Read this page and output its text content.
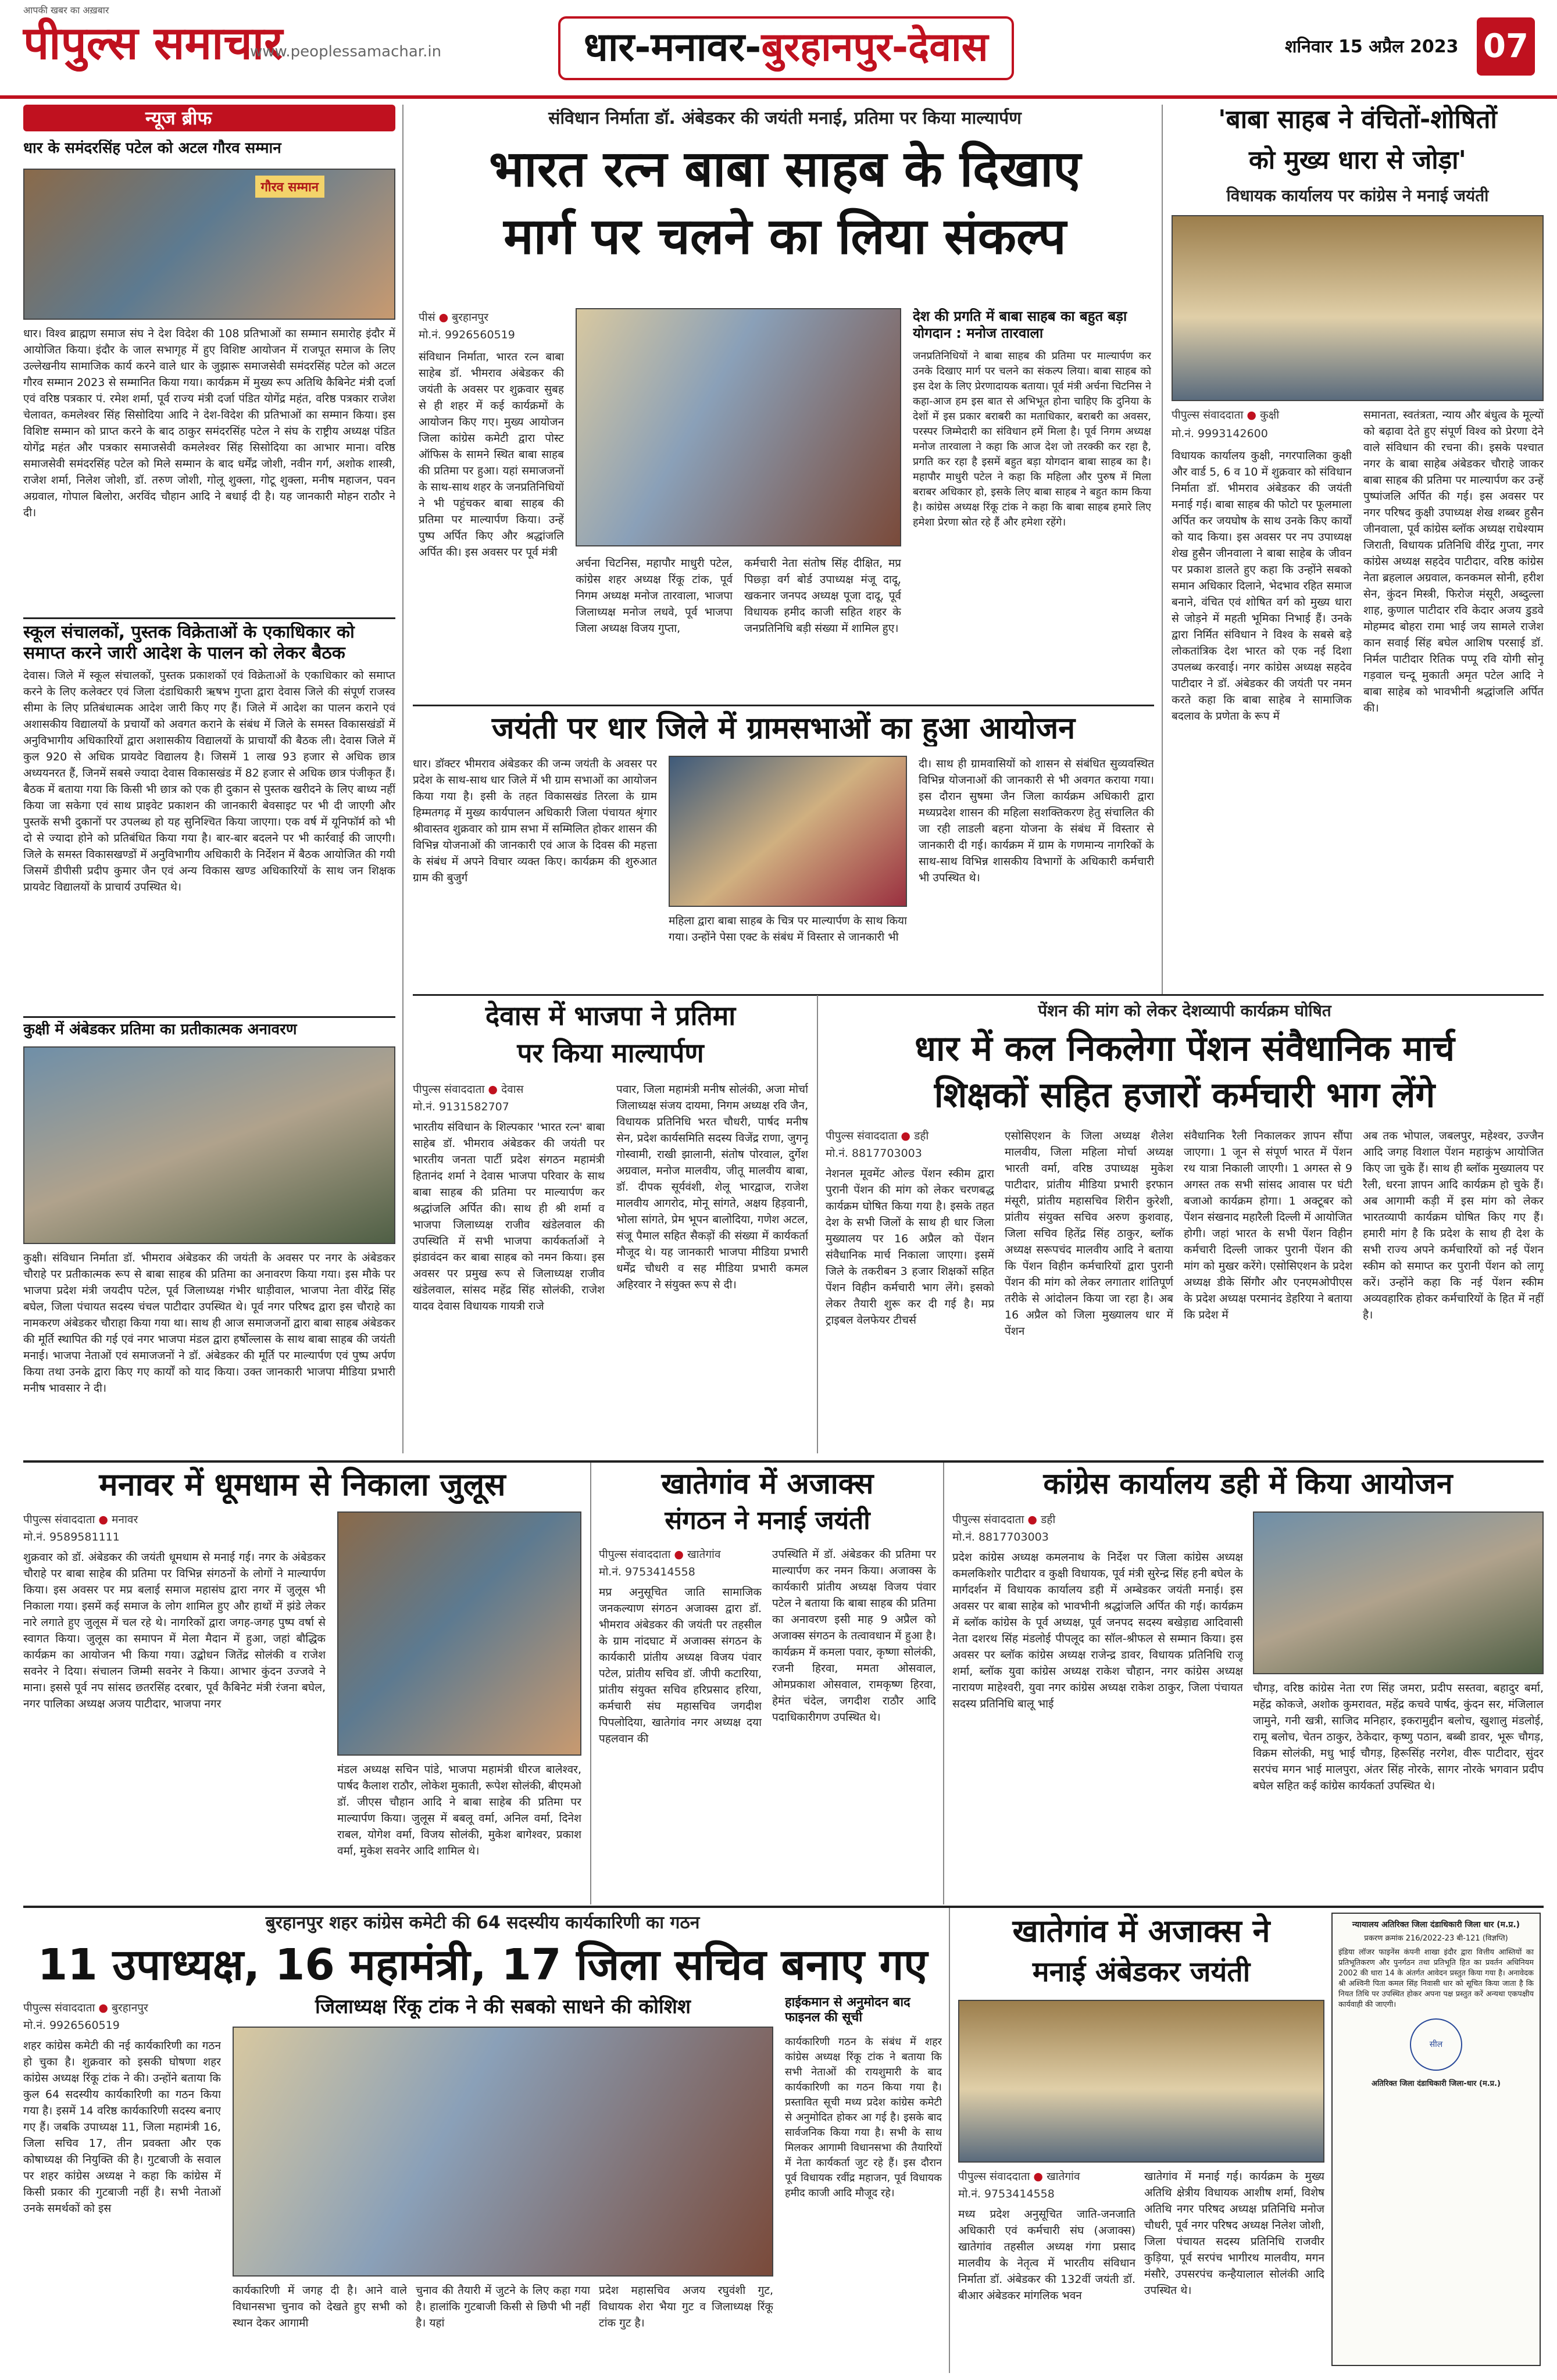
आपकी खबर का अख़बार
पीपुल्स समाचार
www.peoplessamachar.in	धार-मनावर-बुरहानपुर-देवास	शनिवार 15 अप्रैल 2023 07
न्यूज ब्रीफ
धार के समंदरसिंह पटेल को अटल गौरव सम्मान
गौरव सम्मान
धार। विश्व ब्राह्मण समाज संघ ने देश विदेश की 108 प्रतिभाओं का सम्मान समारोह इंदौर में आयोजित किया। इंदौर के जाल सभागृह में हुए विशिष्ट आयोजन में राजपूत समाज के लिए उल्लेखनीय सामाजिक कार्य करने वाले धार के जुझारू समाजसेवी समंदरसिंह पटेल को अटल गौरव सम्मान 2023 से सम्मानित किया गया। कार्यक्रम में मुख्य रूप अतिथि कैबिनेट मंत्री दर्जा एवं वरिष्ठ पत्रकार पं. रमेश शर्मा, पूर्व राज्य मंत्री दर्जा पंडित योगेंद्र महंत, वरिष्ठ पत्रकार राजेश चेलावत, कमलेश्वर सिंह सिसोदिया आदि ने देश-विदेश की प्रतिभाओं का सम्मान किया। इस विशिष्ट सम्मान को प्राप्त करने के बाद ठाकुर समंदरसिंह पटेल ने संघ के राष्ट्रीय अध्यक्ष पंडित योगेंद्र महंत और पत्रकार समाजसेवी कमलेश्वर सिंह सिसोदिया का आभार माना। वरिष्ठ समाजसेवी समंदरसिंह पटेल को मिले सम्मान के बाद धर्मेंद्र जोशी, नवीन गर्ग, अशोक शास्त्री, राजेश शर्मा, निलेश जोशी, डॉ. तरुण जोशी, गोलू शुक्ला, गोटू शुक्ला, मनीष महाजन, पवन अग्रवाल, गोपाल बिलोरा, अरविंद चौहान आदि ने बधाई दी है। यह जानकारी मोहन राठौर ने दी।
स्कूल संचालकों, पुस्तक विक्रेताओं के एकाधिकार को समाप्त करने जारी आदेश के पालन को लेकर बैठक
देवास। जिले में स्कूल संचालकों, पुस्तक प्रकाशकों एवं विक्रेताओं के एकाधिकार को समाप्त करने के लिए कलेक्टर एवं जिला दंडाधिकारी ऋषभ गुप्ता द्वारा देवास जिले की संपूर्ण राजस्व सीमा के लिए प्रतिबंधात्मक आदेश जारी किए गए हैं। जिले में आदेश का पालन कराने एवं अशासकीय विद्यालयों के प्रचार्यों को अवगत कराने के संबंध में जिले के समस्त विकासखंडों में अनुविभागीय अधिकारियों द्वारा अशासकीय विद्यालयों के प्राचार्यों की बैठक ली। देवास जिले में कुल 920 से अधिक प्रायवेट विद्यालय है। जिसमें 1 लाख 93 हजार से अधिक छात्र अध्ययनरत हैं, जिनमें सबसे ज्यादा देवास विकासखंड में 82 हजार से अधिक छात्र पंजीकृत हैं। बैठक में बताया गया कि किसी भी छात्र को एक ही दुकान से पुस्तक खरीदने के लिए बाध्य नहीं किया जा सकेगा एवं साथ प्राइवेट प्रकाशन की जानकारी बेवसाइट पर भी दी जाएगी और पुस्तकें सभी दुकानों पर उपलब्ध हो यह सुनिश्चित किया जाएगा। एक वर्ष में यूनिफॉर्म को भी दो से ज्यादा होने को प्रतिबंधित किया गया है। बार-बार बदलने पर भी कार्रवाई की जाएगी। जिले के समस्त विकासखण्डों में अनुविभागीय अधिकारी के निर्देशन में बैठक आयोजित की गयी जिसमें डीपीसी प्रदीप कुमार जैन एवं अन्य विकास खण्ड अधिकारियों के साथ जन शिक्षक प्रायवेट विद्यालयों के प्राचार्य उपस्थित थे।
कुक्षी में अंबेडकर प्रतिमा का प्रतीकात्मक अनावरण
कुक्षी। संविधान निर्माता डॉ. भीमराव अंबेडकर की जयंती के अवसर पर नगर के अंबेडकर चौराहे पर प्रतीकात्मक रूप से बाबा साहब की प्रतिमा का अनावरण किया गया। इस मौके पर भाजपा प्रदेश मंत्री जयदीप पटेल, पूर्व जिलाध्यक्ष गंभीर धाड़ीवाल, भाजपा नेता वीरेंद्र सिंह बघेल, जिला पंचायत सदस्य चंचल पाटीदार उपस्थित थे। पूर्व नगर परिषद द्वारा इस चौराहे का नामकरण अंबेडकर चौराहा किया गया था। साथ ही आज समाजजनों द्वारा बाबा साहब अंबेडकर की मूर्ति स्थापित की गई एवं नगर भाजपा मंडल द्वारा हर्षोल्लास के साथ बाबा साहब की जयंती मनाई। भाजपा नेताओं एवं समाजजनों ने डॉ. अंबेडकर की मूर्ति पर माल्यार्पण एवं पुष्प अर्पण किया तथा उनके द्वारा किए गए कार्यों को याद किया। उक्त जानकारी भाजपा मीडिया प्रभारी मनीष भावसार ने दी।
संविधान निर्माता डॉ. अंबेडकर की जयंती मनाई, प्रतिमा पर किया माल्यार्पण
भारत रत्न बाबा साहब के दिखाए
मार्ग पर चलने का लिया संकल्प
पीसं ● बुरहानपुर
मो.नं. 9926560519
संविधान निर्माता, भारत रत्न बाबा साहेब डॉ. भीमराव अंबेडकर की जयंती के अवसर पर शुक्रवार सुबह से ही शहर में कई कार्यक्रमों के आयोजन किए गए। मुख्य आयोजन जिला कांग्रेस कमेटी द्वारा पोस्ट ऑफिस के सामने स्थित बाबा साहब की प्रतिमा पर हुआ। यहां समाजजनों के साथ-साथ शहर के जनप्रतिनिधियों ने भी पहुंचकर बाबा साहब की प्रतिमा पर माल्यार्पण किया। उन्हें पुष्प अर्पित किए और श्रद्धांजलि अर्पित की। इस अवसर पर पूर्व मंत्री
अर्चना चिटनिस, महापौर माधुरी पटेल, कांग्रेस शहर अध्यक्ष रिंकू टांक, पूर्व निगम अध्यक्ष मनोज तारवाला, भाजपा जिलाध्यक्ष मनोज लधवे, पूर्व भाजपा जिला अध्यक्ष विजय गुप्ता,
कर्मचारी नेता संतोष सिंह दीक्षित, मप्र पिछ्ड़ा वर्ग बोर्ड उपाध्यक्ष मंजू दादू, खकनार जनपद अध्यक्ष पूजा दादू, पूर्व विधायक हमीद काजी सहित शहर के जनप्रतिनिधि बड़ी संख्या में शामिल हुए।
देश की प्रगति में बाबा साहब का बहुत बड़ा योगदान : मनोज तारवाला
जनप्रतिनिधियों ने बाबा साहब की प्रतिमा पर माल्यार्पण कर उनके दिखाए मार्ग पर चलने का संकल्प लिया। बाबा साहब को इस देश के लिए प्रेरणादायक बताया। पूर्व मंत्री अर्चना चिटनिस ने कहा-आज हम इस बात से अभिभूत होना चाहिए कि दुनिया के देशों में इस प्रकार बराबरी का मताधिकार, बराबरी का अवसर, परस्पर जिम्मेदारी का संविधान हमें मिला है। पूर्व निगम अध्यक्ष मनोज तारवाला ने कहा कि आज देश जो तरक्की कर रहा है, प्रगति कर रहा है इसमें बहुत बड़ा योगदान बाबा साहब का है। महापौर माधुरी पटेल ने कहा कि महिला और पुरुष में मिला बराबर अधिकार हो, इसके लिए बाबा साहब ने बहुत काम किया है। कांग्रेस अध्यक्ष रिंकू टांक ने कहा कि बाबा साहब हमारे लिए हमेशा प्रेरणा स्रोत रहे हैं और हमेशा रहेंगे।
'बाबा साहब ने वंचितों-शोषितों
को मुख्य धारा से जोड़ा'
विधायक कार्यालय पर कांग्रेस ने मनाई जयंती
पीपुल्स संवाददाता ● कुक्षी
मो.नं. 9993142600
विधायक कार्यालय कुक्षी, नगरपालिका कुक्षी और वार्ड 5, 6 व 10 में शुक्रवार को संविधान निर्माता डॉ. भीमराव अंबेडकर की जयंती मनाई गई। बाबा साहब की फोटो पर फूलमाला अर्पित कर जयघोष के साथ उनके किए कार्यों को याद किया। इस अवसर पर नप उपाध्यक्ष शेख हुसैन जीनवाला ने बाबा साहेब के जीवन पर प्रकाश डालते हुए कहा कि उन्होंने सबको समान अधिकार दिलाने, भेदभाव रहित समाज बनाने, वंचित एवं शोषित वर्ग को मुख्य धारा से जोड़ने में महती भूमिका निभाई हैं। उनके द्वारा निर्मित संविधान ने विश्व के सबसे बड़े लोकतांत्रिक देश भारत को एक नई दिशा उपलब्ध करवाई। नगर कांग्रेस अध्यक्ष सहदेव पाटीदार ने डॉ. अंबेडकर की जयंती पर नमन करते कहा कि बाबा साहेब ने सामाजिक बदलाव के प्रणेता के रूप में
समानता, स्वतंत्रता, न्याय और बंधुत्व के मूल्यों को बढ़ावा देते हुए संपूर्ण विश्व को प्रेरणा देने वाले संविधान की रचना की। इसके पश्चात नगर के बाबा साहेब अंबेडकर चौराहे जाकर बाबा साहब की प्रतिमा पर माल्यार्पण कर उन्हें पुष्पांजलि अर्पित की गई। इस अवसर पर नगर परिषद कुक्षी उपाध्यक्ष शेख शब्बर हुसैन जीनवाला, पूर्व कांग्रेस ब्लॉक अध्यक्ष राधेश्याम जिराती, विधायक प्रतिनिधि वीरेंद्र गुप्ता, नगर कांग्रेस अध्यक्ष सहदेव पाटीदार, वरिष्ठ कांग्रेस नेता ब्रहलाल अग्रवाल, कनकमल सोनी, हरीश सेन, कुंदन मिस्त्री, फिरोज मंसूरी, अब्दुल्ला शाह, कुणाल पाटीदार रवि केदार अजय डुडवे मोहम्मद बोहरा रामा भाई जय सामले राजेश कान सवाई सिंह बघेल आशिष परसाई डॉ. निर्मल पाटीदार रितिक पप्पू रवि योगी सोनू गड़वाल चन्दू मुकाती अमृत पटेल आदि ने बाबा साहेब को भावभीनी श्रद्धांजलि अर्पित की।
जयंती पर धार जिले में ग्रामसभाओं का हुआ आयोजन
धार। डॉक्टर भीमराव अंबेडकर की जन्म जयंती के अवसर पर प्रदेश के साथ-साथ धार जिले में भी ग्राम सभाओं का आयोजन किया गया है। इसी के तहत विकासखंड तिरला के ग्राम हिम्मतगढ़ में मुख्य कार्यपालन अधिकारी जिला पंचायत श्रृंगार श्रीवास्तव शुक्रवार को ग्राम सभा में सम्मिलित होकर शासन की विभिन्न योजनाओं की जानकारी एवं आज के दिवस की महत्ता के संबंध में अपने विचार व्यक्त किए। कार्यक्रम की शुरुआत ग्राम की बुजुर्ग
महिला द्वारा बाबा साहब के चित्र पर माल्यार्पण के साथ किया गया। उन्होंने पेसा एक्ट के संबंध में विस्तार से जानकारी भी
दी। साथ ही ग्रामवासियों को शासन से संबंधित सुव्यवस्थित विभिन्न योजनाओं की जानकारी से भी अवगत कराया गया। इस दौरान सुषमा जैन जिला कार्यक्रम अधिकारी द्वारा मध्यप्रदेश शासन की महिला सशक्तिकरण हेतु संचालित की जा रही लाडली बहना योजना के संबंध में विस्तार से जानकारी दी गई। कार्यक्रम में ग्राम के गणमान्य नागरिकों के साथ-साथ विभिन्न शासकीय विभागों के अधिकारी कर्मचारी भी उपस्थित थे।
देवास में भाजपा ने प्रतिमा
पर किया माल्यार्पण
पीपुल्स संवाददाता ● देवास
मो.नं. 9131582707
भारतीय संविधान के शिल्पकार 'भारत रत्न' बाबा साहेब डॉ. भीमराव अंबेडकर की जयंती पर भारतीय जनता पार्टी प्रदेश संगठन महामंत्री हितानंद शर्मा ने देवास भाजपा परिवार के साथ बाबा साहब की प्रतिमा पर माल्यार्पण कर श्रद्धांजलि अर्पित की। साथ ही श्री शर्मा व भाजपा जिलाध्यक्ष राजीव खंडेलवाल की उपस्थिति में सभी भाजपा कार्यकर्ताओं ने झंडावंदन कर बाबा साहब को नमन किया। इस अवसर पर प्रमुख रूप से जिलाध्यक्ष राजीव खंडेलवाल, सांसद महेंद्र सिंह सोलंकी, राजेश यादव देवास विधायक गायत्री राजे
पवार, जिला महामंत्री मनीष सोलंकी, अजा मोर्चा जिलाध्यक्ष संजय दायमा, निगम अध्यक्ष रवि जैन, विधायक प्रतिनिधि भरत चौधरी, पार्षद मनीष सेन, प्रदेश कार्यसमिति सदस्य विजेंद्र राणा, जुगनू गोस्वामी, राखी झालानी, संतोष पोरवाल, दुर्गेश अग्रवाल, मनोज मालवीय, जीतू मालवीय बाबा, डॉ. दीपक सूर्यवंशी, शेलू भारद्वाज, राजेश मालवीय आगरोद, मोनू सांगते, अक्षय हिड़वानी, भोला सांगते, प्रेम भूपन बालोदिया, गणेश अटल, संजू पैमाल सहित सैकड़ों की संख्या में कार्यकर्ता मौजूद थे। यह जानकारी भाजपा मीडिया प्रभारी धर्मेंद्र चौधरी व सह मीडिया प्रभारी कमल अहिरवार ने संयुक्त रूप से दी।
पेंशन की मांग को लेकर देशव्यापी कार्यक्रम घोषित
धार में कल निकलेगा पेंशन संवैधानिक मार्च
शिक्षकों सहित हजारों कर्मचारी भाग लेंगे
पीपुल्स संवाददाता ● डही
मो.नं. 8817703003
नेशनल मूवमेंट ओल्ड पेंशन स्कीम द्वारा पुरानी पेंशन की मांग को लेकर चरणबद्ध कार्यक्रम घोषित किया गया है। इसके तहत देश के सभी जिलों के साथ ही धार जिला मुख्यालय पर 16 अप्रैल को पेंशन संवैधानिक मार्च निकाला जाएगा। इसमें जिले के तकरीबन 3 हजार शिक्षकों सहित पेंशन विहीन कर्मचारी भाग लेंगे। इसको लेकर तैयारी शुरू कर दी गई है। मप्र ट्राइबल वेलफेयर टीचर्स
एसोसिएशन के जिला अध्यक्ष शैलेश मालवीय, जिला महिला मोर्चा अध्यक्ष भारती वर्मा, वरिष्ठ उपाध्यक्ष मुकेश पाटीदार, प्रांतीय मीडिया प्रभारी इरफान मंसूरी, प्रांतीय महासचिव शिरीन कुरेशी, प्रांतीय संयुक्त सचिव अरुण कुशवाह, जिला सचिव हितेंद्र सिंह ठाकुर, ब्लॉक अध्यक्ष सरूपचंद मालवीय आदि ने बताया कि पेंशन विहीन कर्मचारियों द्वारा पुरानी पेंशन की मांग को लेकर लगातार शांतिपूर्ण तरीके से आंदोलन किया जा रहा है। अब 16 अप्रैल को जिला मुख्यालय धार में पेंशन
संवैधानिक रैली निकालकर ज्ञापन सौंपा जाएगा। 1 जून से संपूर्ण भारत में पेंशन रथ यात्रा निकाली जाएगी। 1 अगस्त से 9 अगस्त तक सभी सांसद आवास पर घंटी बजाओ कार्यक्रम होगा। 1 अक्टूबर को पेंशन संखनाद महारैली दिल्ली में आयोजित होगी। जहां भारत के सभी पेंशन विहीन कर्मचारी दिल्ली जाकर पुरानी पेंशन की मांग को मुखर करेंगे। एसोसिएशन के प्रदेश अध्यक्ष डीके सिंगौर और एनएमओपीएस के प्रदेश अध्यक्ष परमानंद डेहरिया ने बताया कि प्रदेश में
अब तक भोपाल, जबलपुर, महेश्वर, उज्जैन आदि जगह विशाल पेंशन महाकुंभ आयोजित किए जा चुके हैं। साथ ही ब्लॉक मुख्यालय पर रैली, धरना ज्ञापन आदि कार्यक्रम हो चुके हैं। अब आगामी कड़ी में इस मांग को लेकर भारतव्यापी कार्यक्रम घोषित किए गए हैं। हमारी मांग है कि प्रदेश के साथ ही देश के सभी राज्य अपने कर्मचारियों को नई पेंशन स्कीम को समाप्त कर पुरानी पेंशन को लागू करें। उन्होंने कहा कि नई पेंशन स्कीम अव्यवहारिक होकर कर्मचारियों के हित में नहीं है।
मनावर में धूमधाम से निकाला जुलूस
पीपुल्स संवाददाता ● मनावर
मो.नं. 9589581111
शुक्रवार को डॉ. अंबेडकर की जयंती धूमधाम से मनाई गई। नगर के अंबेडकर चौराहे पर बाबा साहेब की प्रतिमा पर विभिन्न संगठनों के लोगों ने माल्यार्पण किया। इस अवसर पर मप्र बलाई समाज महासंघ द्वारा नगर में जुलूस भी निकाला गया। इसमें कई समाज के लोग शामिल हुए और हाथों में झंडे लेकर नारे लगाते हुए जुलूस में चल रहे थे। नागरिकों द्वारा जगह-जगह पुष्प वर्षा से स्वागत किया। जुलूस का समापन में मेला मैदान में हुआ, जहां बौद्धिक कार्यक्रम का आयोजन भी किया गया। उद्बोधन जितेंद्र सोलंकी व राजेश सवनेर ने दिया। संचालन जिम्मी सवनेर ने किया। आभार कुंदन उज्जवे ने माना। इससे पूर्व नप सांसद छतरसिंह दरबार, पूर्व कैबिनेट मंत्री रंजना बघेल, नगर पालिका अध्यक्ष अजय पाटीदार, भाजपा नगर
मंडल अध्यक्ष सचिन पांडे, भाजपा महामंत्री धीरज बालेश्वर, पार्षद कैलाश राठौर, लोकेश मुकाती, रूपेश सोलंकी, बीएमओ डॉ. जीएस चौहान आदि ने बाबा साहेब की प्रतिमा पर माल्यार्पण किया। जुलूस में बबलू वर्मा, अनिल वर्मा, दिनेश राबल, योगेश वर्मा, विजय सोलंकी, मुकेश बागेश्वर, प्रकाश वर्मा, मुकेश सवनेर आदि शामिल थे।
खातेगांव में अजाक्स
संगठन ने मनाई जयंती
पीपुल्स संवाददाता ● खातेगांव
मो.नं. 9753414558
मप्र अनुसूचित जाति सामाजिक जनकल्याण संगठन अजाक्स द्वारा डॉ. भीमराव अंबेडकर की जयंती पर तहसील के ग्राम नांदघाट में अजाक्स संगठन के कार्यकारी प्रांतीय अध्यक्ष विजय पंवार पटेल, प्रांतीय सचिव डॉ. जीपी कटारिया, प्रांतीय संयुक्त सचिव हरिप्रसाद हरिया, कर्मचारी संघ महासचिव जगदीश पिपलोदिया, खातेगांव नगर अध्यक्ष दया पहलवान की
उपस्थिति में डॉ. अंबेडकर की प्रतिमा पर माल्यार्पण कर नमन किया। अजाक्स के कार्यकारी प्रांतीय अध्यक्ष विजय पंवार पटेल ने बताया कि बाबा साहब की प्रतिमा का अनावरण इसी माह 9 अप्रैल को अजाक्स संगठन के तत्वावधान में हुआ है। कार्यक्रम में कमला पवार, कृष्णा सोलंकी, रजनी हिरवा, ममता ओसवाल, ओमप्रकाश ओसवाल, रामकृष्ण हिरवा, हेमंत चंदेल, जगदीश राठौर आदि पदाधिकारीगण उपस्थित थे।
कांग्रेस कार्यालय डही में किया आयोजन
पीपुल्स संवाददाता ● डही
मो.नं. 8817703003
प्रदेश कांग्रेस अध्यक्ष कमलनाथ के निर्देश पर जिला कांग्रेस अध्यक्ष कमलकिशोर पाटीदार व कुक्षी विधायक, पूर्व मंत्री सुरेन्द्र सिंह हनी बघेल के मार्गदर्शन में विधायक कार्यालय डही में अम्बेडकर जयंती मनाई। इस अवसर पर बाबा साहेब को भावभीनी श्रद्धांजलि अर्पित की गई। कार्यक्रम में ब्लॉक कांग्रेस के पूर्व अध्यक्ष, पूर्व जनपद सदस्य बखेड़ाद्य आदिवासी नेता दशरथ सिंह मंडलोई पीपलूद का सॉल-श्रीफल से सम्मान किया। इस अवसर पर ब्लॉक कांग्रेस अध्यक्ष राजेन्द्र डावर, विधायक प्रतिनिधि राजू शर्मा, ब्लॉक युवा कांग्रेस अध्यक्ष राकेश चौहान, नगर कांग्रेस अध्यक्ष नारायण माहेश्वरी, युवा नगर कांग्रेस अध्यक्ष राकेश ठाकुर, जिला पंचायत सदस्य प्रतिनिधि बालू भाई
चौगड़, वरिष्ठ कांग्रेस नेता रण सिंह जमरा, प्रदीप सस्तवा, बहादुर बर्मा, महेंद्र कोकजे, अशोक कुमरावत, महेंद्र कचवे पार्षद, कुंदन सर, मंजिलाल जामुने, गनी खत्री, साजिद मनिहार, इकरामुद्दीन बलोच, खुशालु मंडलोई, रामू बलोच, चेतन ठाकुर, ठेकेदार, कृष्णु पठान, बब्बी डावर, भूरू चौगड़, विक्रम सोलंकी, मधु भाई चौगड़, हिरूसिंह नरगेश, वीरू पाटीदार, सुंदर सरपंच मगन भाई मालपुरा, अंतर सिंह नोरके, सागर नोरके भगवान प्रदीप बघेल सहित कई कांग्रेस कार्यकर्ता उपस्थित थे।
बुरहानपुर शहर कांग्रेस कमेटी की 64 सदस्यीय कार्यकारिणी का गठन
11 उपाध्यक्ष, 16 महामंत्री, 17 जिला सचिव बनाए गए
पीपुल्स संवाददाता ● बुरहानपुर
मो.नं. 9926560519
शहर कांग्रेस कमेटी की नई कार्यकारिणी का गठन हो चुका है। शुक्रवार को इसकी घोषणा शहर कांग्रेस अध्यक्ष रिंकू टांक ने की। उन्होंने बताया कि कुल 64 सदस्यीय कार्यकारिणी का गठन किया गया है। इसमें 14 वरिष्ठ कार्यकारिणी सदस्य बनाए गए हैं। जबकि उपाध्यक्ष 11, जिला महामंत्री 16, जिला सचिव 17, तीन प्रवक्ता और एक कोषाध्यक्ष की नियुक्ति की है। गुटबाजी के सवाल पर शहर कांग्रेस अध्यक्ष ने कहा कि कांग्रेस में किसी प्रकार की गुटबाजी नहीं है। सभी नेताओं उनके समर्थकों को इस
जिलाध्यक्ष रिंकू टांक ने की सबको साधने की कोशिश
कार्यकारिणी में जगह दी है। आने वाले विधानसभा चुनाव को देखते हुए सभी को स्थान देकर आगामी
चुनाव की तैयारी में जुटने के लिए कहा गया है। हालांकि गुटबाजी किसी से छिपी भी नहीं है। यहां
प्रदेश महासचिव अजय रघुवंशी गुट, विधायक शेरा भैया गुट व जिलाध्यक्ष रिंकू टांक गुट है।
हाईकमान से अनुमोदन बाद फाइनल की सूची
कार्यकारिणी गठन के संबंध में शहर कांग्रेस अध्यक्ष रिंकू टांक ने बताया कि सभी नेताओं की रायशुमारी के बाद कार्यकारिणी का गठन किया गया है। प्रस्तावित सूची मध्य प्रदेश कांग्रेस कमेटी से अनुमोदित होकर आ गई है। इसके बाद सार्वजनिक किया गया है। सभी के साथ मिलकर आगामी विधानसभा की तैयारियों में नेता कार्यकर्ता जुट रहे हैं। इस दौरान पूर्व विधायक रवींद्र महाजन, पूर्व विधायक हमीद काजी आदि मौजूद रहे।
खातेगांव में अजाक्स ने
मनाई अंबेडकर जयंती
पीपुल्स संवाददाता ● खातेगांव
मो.नं. 9753414558
मध्य प्रदेश अनुसूचित जाति-जनजाति अधिकारी एवं कर्मचारी संघ (अजाक्स) खातेगांव तहसील अध्यक्ष गंगा प्रसाद मालवीय के नेतृत्व में भारतीय संविधान निर्माता डॉ. अंबेडकर की 132वीं जयंती डॉ. बीआर अंबेडकर मांगलिक भवन
खातेगांव में मनाई गई। कार्यक्रम के मुख्य अतिथि क्षेत्रीय विधायक आशीष शर्मा, विशेष अतिथि नगर परिषद अध्यक्ष प्रतिनिधि मनोज चौधरी, पूर्व नगर परिषद अध्यक्ष निलेश जोशी, जिला पंचायत सदस्य प्रतिनिधि राजवीर कुड़िया, पूर्व सरपंच भागीरथ मालवीय, मगन मंसौरे, उपसरपंच कन्हैयालाल सोलंकी आदि उपस्थित थे।
न्यायालय अतिरिक्त जिला दंडाधिकारी जिला धार (म.प्र.)
प्रकरण क्रमांक 216/2022-23 बी-121 (विज्ञप्ति)
इंडिया लॉजर फाइनेंस कंपनी शाखा इंदौर द्वारा वित्तीय आस्तियों का प्रतिभूतिकरण और पुनर्गठन तथा प्रतिभूति हित का प्रवर्तन अधिनियम 2002 की धारा 14 के अंतर्गत आवेदन प्रस्तुत किया गया है। अनावेदक श्री अश्विनी पिता कमल सिंह निवासी धार को सूचित किया जाता है कि नियत तिथि पर उपस्थित होकर अपना पक्ष प्रस्तुत करें अन्यथा एकपक्षीय कार्यवाही की जाएगी।
सील
अतिरिक्त जिला दंडाधिकारी जिला-धार (म.प्र.)
